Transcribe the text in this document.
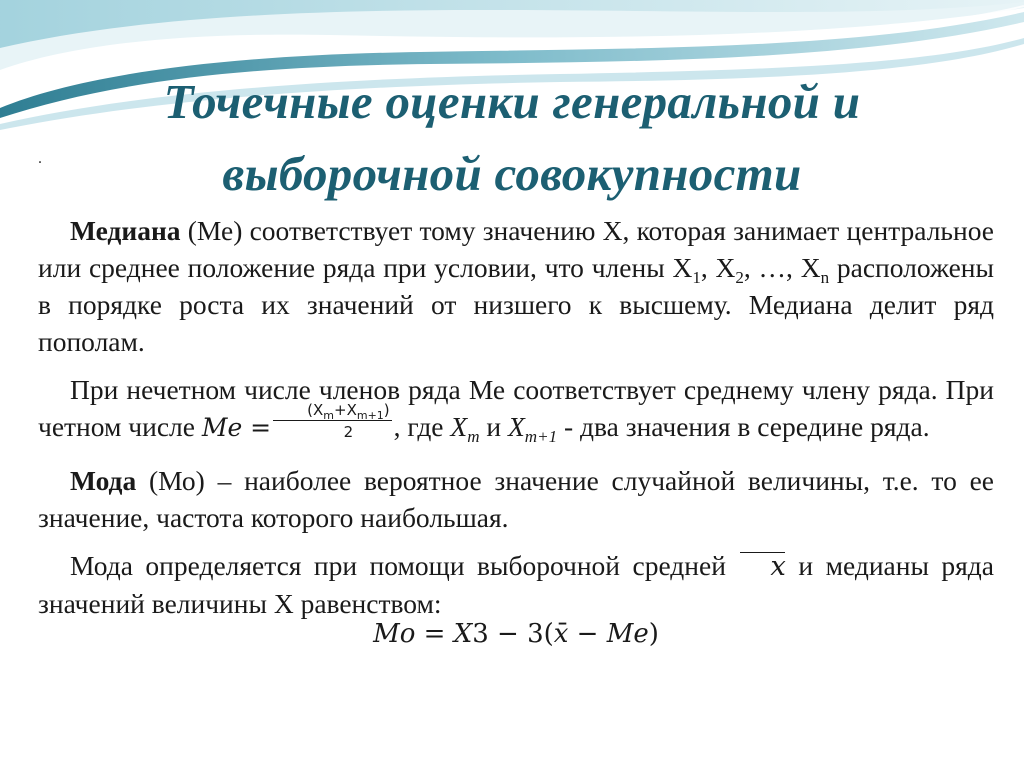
Точечные оценки генеральной и
выборочной совокупности
.

Медиана (Ме) соответствует тому значению Х, которая занимает центральное или среднее положение ряда при условии, что члены $Х_1$, $Х_2$, …, $Х_n$ расположены в порядке роста их значений от низшего к высшему. Медиана делит ряд пополам.

При нечетном числе членов ряда Ме соответствует среднему члену ряда. При четном числе 𝑀𝑒 = $\frac{(X_m+X_{m+1})}{2}$ , где $X_m$ и $X_{m+1}$ - два значения в середине ряда.

Мода (Мо) – наиболее вероятное значение случайной величины, т.е. то ее значение, частота которого наибольшая.

Мода определяется при помощи выборочной средней 𝑥 и медианы ряда значений величины Х равенством:

𝑀𝑜 = 𝑋3 − 3(𝑥̄ − 𝑀𝑒)
